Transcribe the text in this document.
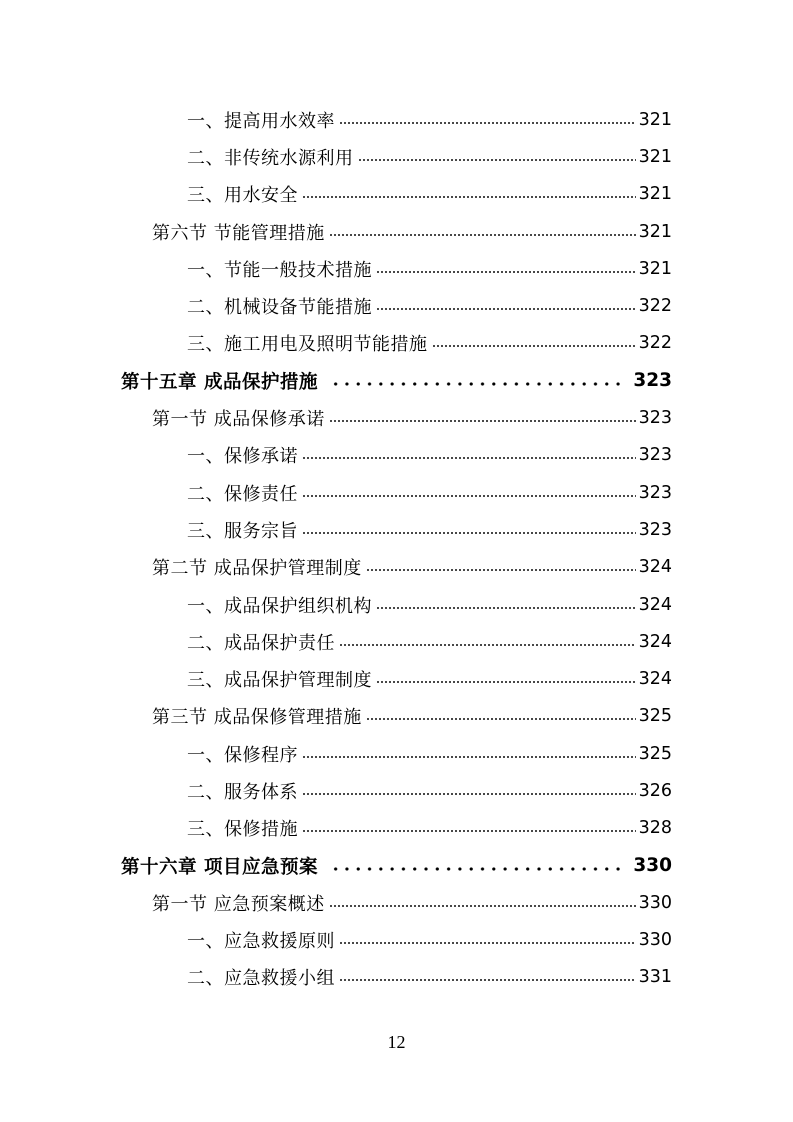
一、提高用水效率	321
二、非传统水源利用	321
三、用水安全	321
第六节 节能管理措施	321
一、节能一般技术措施	321
二、机械设备节能措施	322
三、施工用电及照明节能措施	322
第十五章 成品保护措施	323
第一节 成品保修承诺	323
一、保修承诺	323
二、保修责任	323
三、服务宗旨	323
第二节 成品保护管理制度	324
一、成品保护组织机构	324
二、成品保护责任	324
三、成品保护管理制度	324
第三节 成品保修管理措施	325
一、保修程序	325
二、服务体系	326
三、保修措施	328
第十六章 项目应急预案	330
第一节 应急预案概述	330
一、应急救援原则	330
二、应急救援小组	331
12
